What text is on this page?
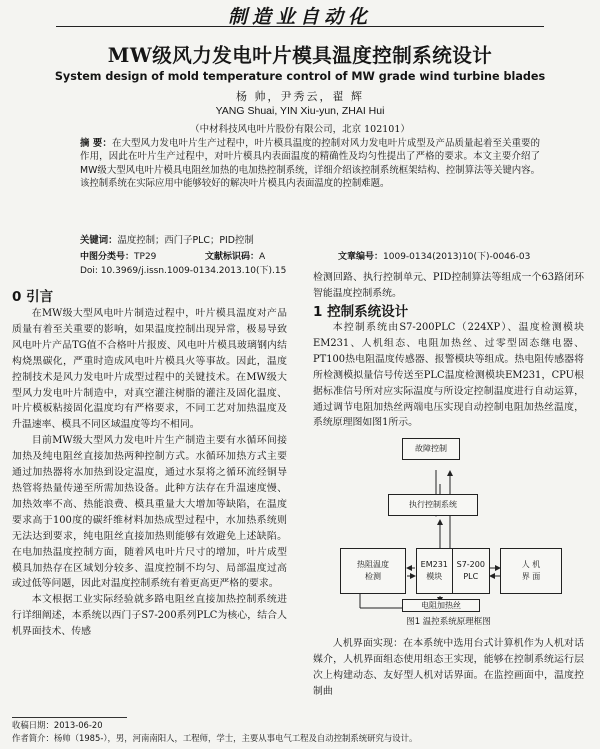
制造业自动化
MW级风力发电叶片模具温度控制系统设计
System design of mold temperature control of MW grade wind turbine blades
杨 帅，尹秀云，翟 辉
YANG Shuai, YIN Xiu-yun, ZHAI Hui
（中材科技风电叶片股份有限公司，北京 102101）
摘 要：在大型风力发电叶片生产过程中，叶片模具温度的控制对风力发电叶片成型及产品质量起着至关重要的作用，因此在叶片生产过程中，对叶片模具内表面温度的精确性及均匀性提出了严格的要求。本文主要介绍了MW级大型风电叶片模具电阻丝加热的电加热控制系统，详细介绍该控制系统框架结构、控制算法等关键内容。该控制系统在实际应用中能够较好的解决叶片模具内表面温度的控制难题。
关键词：温度控制；西门子PLC；PID控制
中图分类号：TP29	文献标识码：A	文章编号：1009-0134(2013)10(下)-0046-03
Doi: 10.3969/j.issn.1009-0134.2013.10(下).15
0 引言

在MW级大型风电叶片制造过程中，叶片模具温度对产品质量有着至关重要的影响，如果温度控制出现异常，极易导致风电叶片产品TG值不合格叶片报废、风电叶片模具玻璃钢内结构烧黑碳化，严重时造成风电叶片模具火等事故。因此，温度控制技术是风力发电叶片成型过程中的关键技术。在MW级大型风力发电叶片制造中，对真空灌注树脂的灌注及固化温度、叶片模板粘接固化温度均有严格要求，不同工艺对加热温度及升温速率、模具不同区域温度等均不相同。

目前MW级大型风力发电叶片生产制造主要有水循环间接加热及纯电阻丝直接加热两种控制方式。水循环加热方式主要通过加热器将水加热到设定温度，通过水泵将之循环流经铜导热管将热量传递至所需加热设备。此种方法存在升温速度慢、加热效率不高、热能浪费、模具重量大大增加等缺陷，在温度要求高于100度的碳纤维材料加热成型过程中，水加热系统则无法达到要求，纯电阻丝直接加热则能够有效避免上述缺陷。在电加热温度控制方面，随着风电叶片尺寸的增加，叶片成型模具加热存在区域划分较多、温度控制不均匀、局部温度过高或过低等问题，因此对温度控制系统有着更高更严格的要求。

本文根据工业实际经验就多路电阻丝直接加热控制系统进行详细阐述，本系统以西门子S7-200系列PLC为核心，结合人机界面技术、传感

检测回路、执行控制单元、PID控制算法等组成一个63路闭环智能温度控制系统。

1 控制系统设计

本控制系统由S7-200PLC（224XP）、温度检测模块EM231、人机组态、电阻加热丝、过零型固态继电器、PT100热电阻温度传感器、报警模块等组成。热电阻传感器将所检测模拟量信号传送至PLC温度检测模块EM231，CPU根据标准信号所对应实际温度与所设定控制温度进行自动运算，通过调节电阻加热丝两端电压实现自动控制电阻加热丝温度，系统原理图如图1所示。

故障控制
执行控制系统
热阻温度
检测
EM231
模块
S7-200
PLC
人 机
界 面
电阻加热丝
图1 温控系统原理框图

人机界面实现：在本系统中选用台式计算机作为人机对话媒介，人机界面组态使用组态王实现，能够在控制系统运行层次上构建动态、友好型人机对话界面。在监控画面中，温度控制曲

收稿日期：2013-06-20
作者简介：杨帅（1985-），男，河南南阳人，工程师，学士，主要从事电气工程及自动控制系统研究与设计。
